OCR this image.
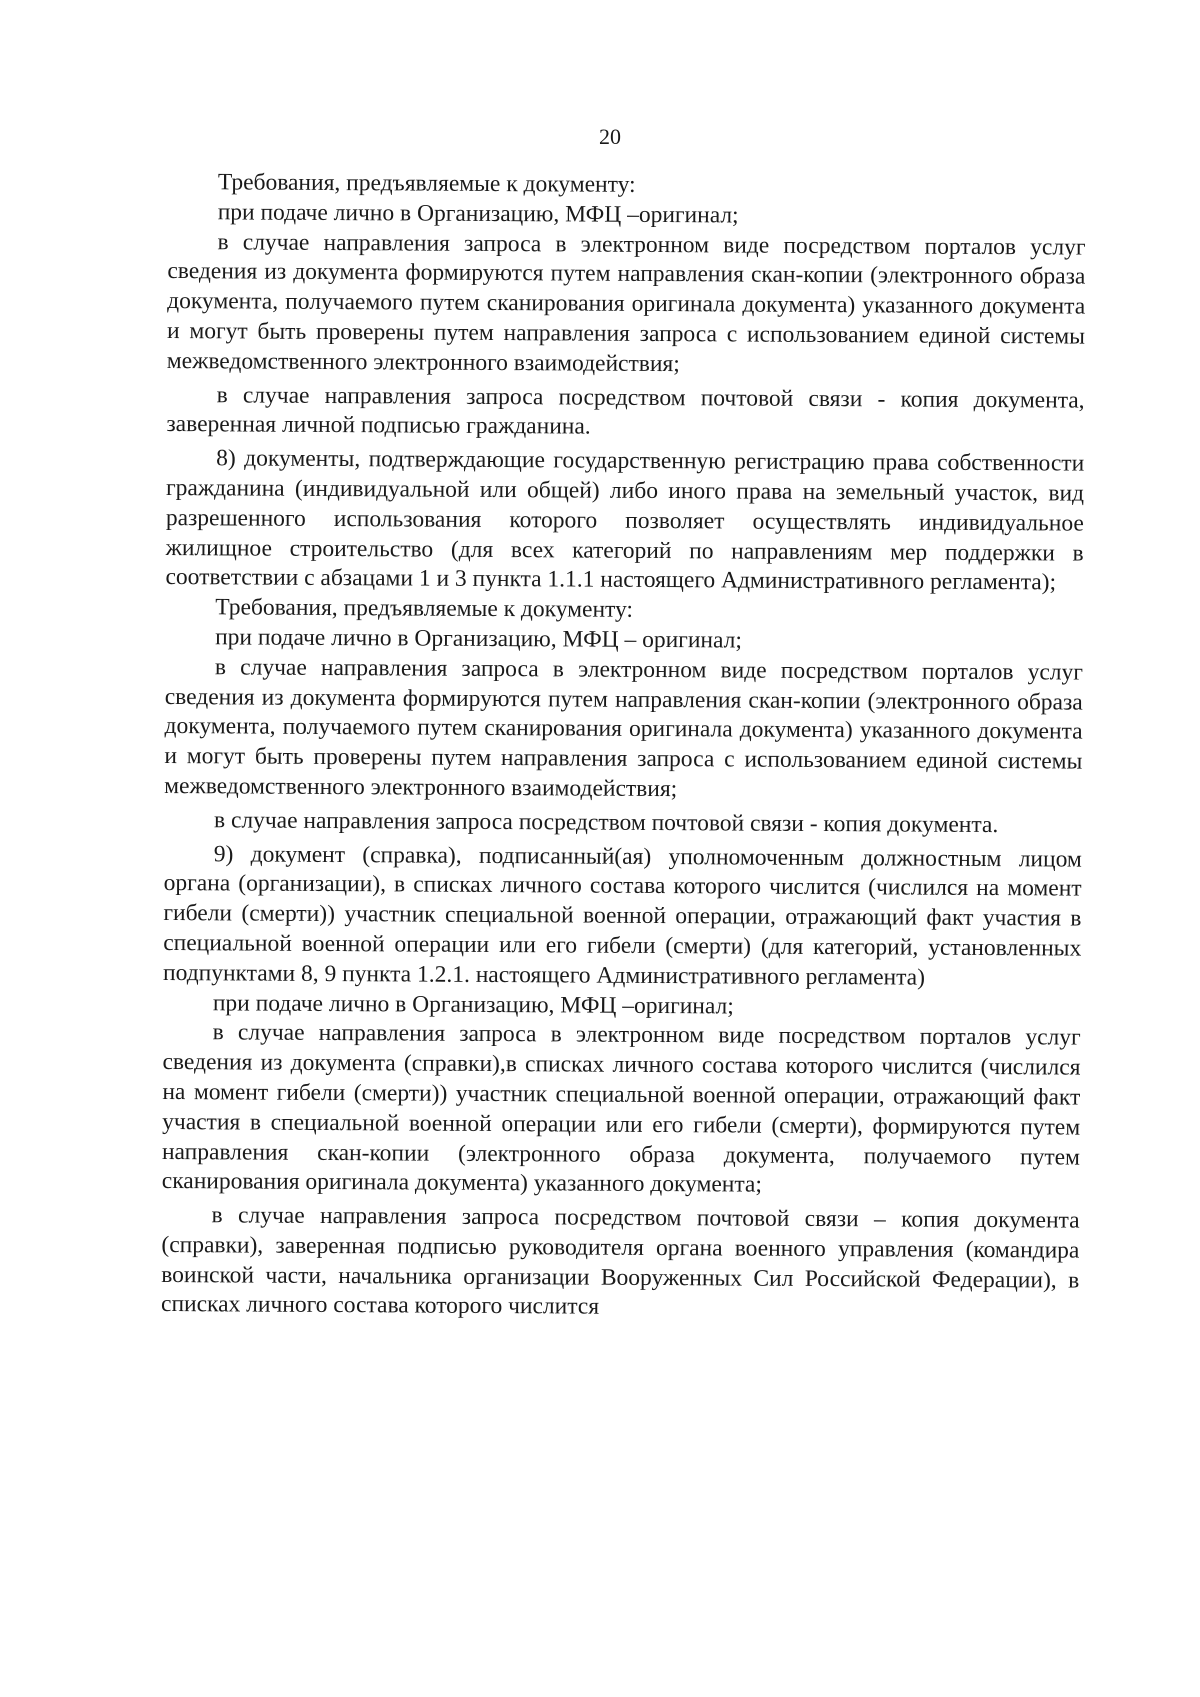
20

Требования, предъявляемые к документу:

при подаче лично в Организацию, МФЦ –оригинал;

в случае направления запроса в электронном виде посредством порталов услуг сведения из документа формируются путем направления скан-копии (электронного образа документа, получаемого путем сканирования оригинала документа) указанного документа и могут быть проверены путем направления запроса с использованием единой системы межведомственного электронного взаимодействия;

в случае направления запроса посредством почтовой связи - копия документа, заверенная личной подписью гражданина.

8) документы, подтверждающие государственную регистрацию права собственности гражданина (индивидуальной или общей) либо иного права на земельный участок, вид разрешенного использования которого позволяет осуществлять индивидуальное жилищное строительство (для всех категорий по направлениям мер поддержки в соответствии с абзацами 1 и 3 пункта 1.1.1 настоящего Административного регламента);

Требования, предъявляемые к документу:

при подаче лично в Организацию, МФЦ – оригинал;

в случае направления запроса в электронном виде посредством порталов услуг сведения из документа формируются путем направления скан-копии (электронного образа документа, получаемого путем сканирования оригинала документа) указанного документа и могут быть проверены путем направления запроса с использованием единой системы межведомственного электронного взаимодействия;

в случае направления запроса посредством почтовой связи - копия документа.

9) документ (справка), подписанный(ая) уполномоченным должностным лицом органа (организации), в списках личного состава которого числится (числился на момент гибели (смерти)) участник специальной военной операции, отражающий факт участия в специальной военной операции или его гибели (смерти) (для категорий, установленных подпунктами 8, 9 пункта 1.2.1. настоящего Административного регламента)

при подаче лично в Организацию, МФЦ –оригинал;

в случае направления запроса в электронном виде посредством порталов услуг сведения из документа (справки),в списках личного состава которого числится (числился на момент гибели (смерти)) участник специальной военной операции, отражающий факт участия в специальной военной операции или его гибели (смерти), формируются путем направления скан-копии (электронного образа документа, получаемого путем сканирования оригинала документа) указанного документа;

в случае направления запроса посредством почтовой связи – копия документа (справки), заверенная подписью руководителя органа военного управления (командира воинской части, начальника организации Вооруженных Сил Российской Федерации), в списках личного состава которого числится
